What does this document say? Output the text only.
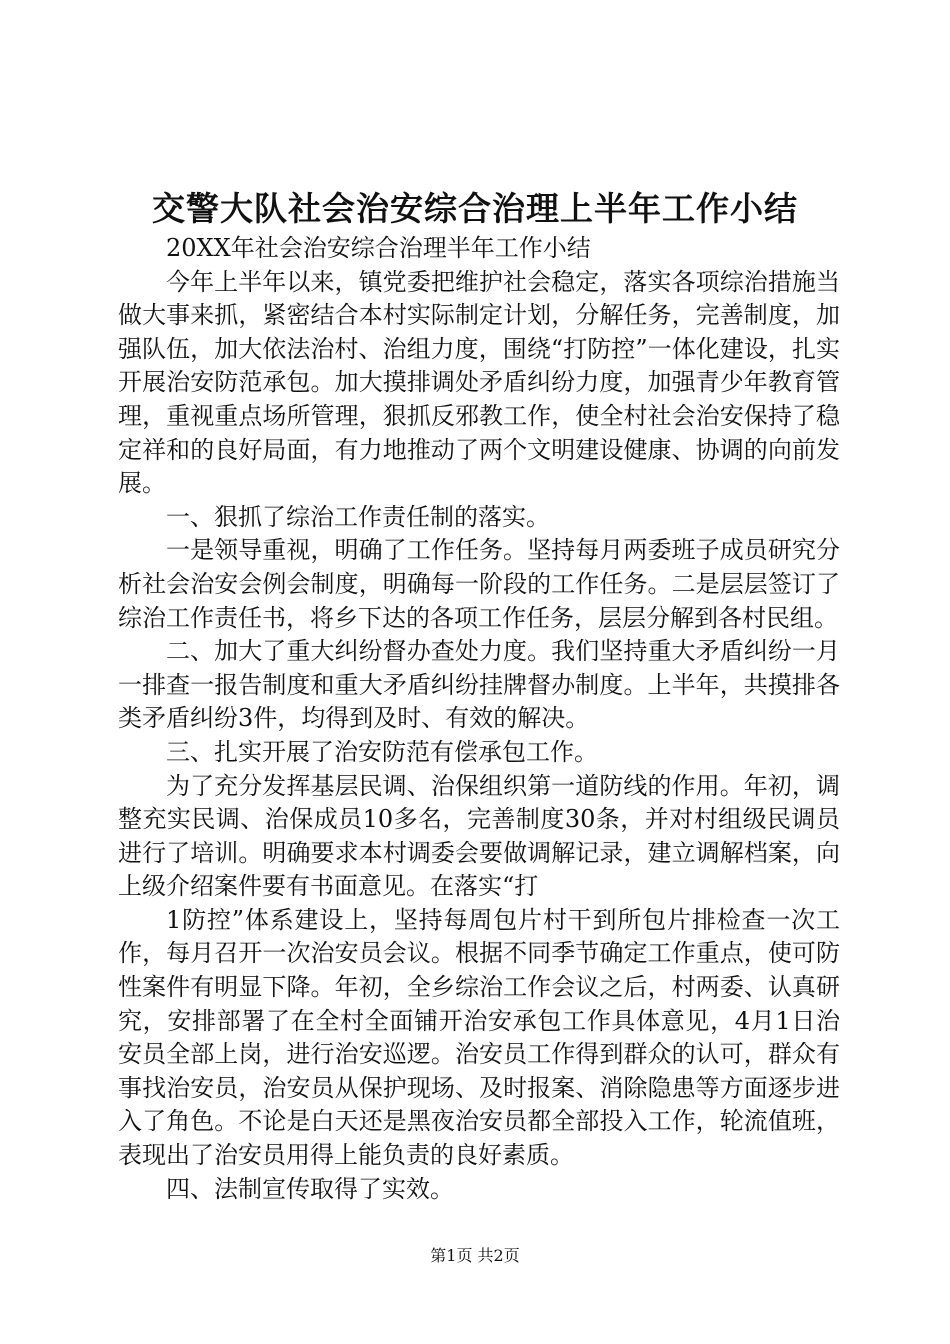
交警大队社会治安综合治理上半年工作小结

20XX年社会治安综合治理半年工作小结

今年上半年以来，镇党委把维护社会稳定，落实各项综治措施当做大事来抓，紧密结合本村实际制定计划，分解任务，完善制度，加强队伍，加大依法治村、治组力度，围绕“打防控”一体化建设，扎实开展治安防范承包。加大摸排调处矛盾纠纷力度，加强青少年教育管理，重视重点场所管理，狠抓反邪教工作，使全村社会治安保持了稳定祥和的良好局面，有力地推动了两个文明建设健康、协调的向前发展。

一、狠抓了综治工作责任制的落实。

一是领导重视，明确了工作任务。坚持每月两委班子成员研究分析社会治安会例会制度，明确每一阶段的工作任务。二是层层签订了综治工作责任书，将乡下达的各项工作任务，层层分解到各村民组。

二、加大了重大纠纷督办查处力度。我们坚持重大矛盾纠纷一月一排查一报告制度和重大矛盾纠纷挂牌督办制度。上半年，共摸排各类矛盾纠纷3件，均得到及时、有效的解决。

三、扎实开展了治安防范有偿承包工作。

为了充分发挥基层民调、治保组织第一道防线的作用。年初，调整充实民调、治保成员10多名，完善制度30条，并对村组级民调员进行了培训。明确要求本村调委会要做调解记录，建立调解档案，向上级介绍案件要有书面意见。在落实“打

1防控”体系建设上，坚持每周包片村干到所包片排检查一次工作，每月召开一次治安员会议。根据不同季节确定工作重点，使可防性案件有明显下降。年初，全乡综治工作会议之后，村两委、认真研究，安排部署了在全村全面铺开治安承包工作具体意见，4月1日治安员全部上岗，进行治安巡逻。治安员工作得到群众的认可，群众有事找治安员，治安员从保护现场、及时报案、消除隐患等方面逐步进入了角色。不论是白天还是黑夜治安员都全部投入工作，轮流值班，表现出了治安员用得上能负责的良好素质。

四、法制宣传取得了实效。

第1页 共2页
